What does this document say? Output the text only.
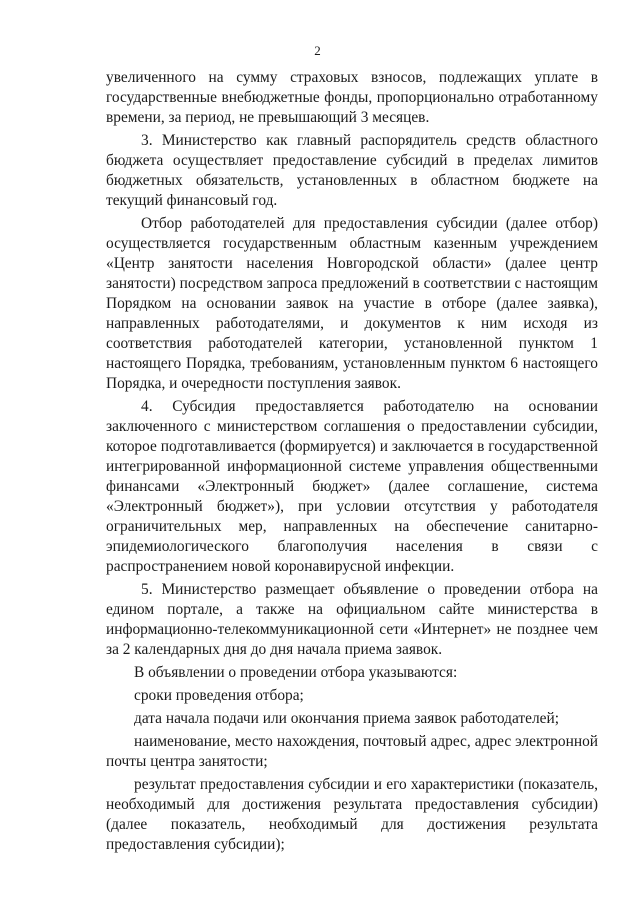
2

увеличенного на сумму страховых взносов, подлежащих уплате в государственные внебюджетные фонды, пропорционально отработанному времени, за период, не превышающий 3 месяцев.

3. Министерство как главный распорядитель средств областного бюджета осуществляет предоставление субсидий в пределах лимитов бюджетных обязательств, установленных в областном бюджете на текущий финансовый год.

Отбор работодателей для предоставления субсидии (далее отбор) осуществляется государственным областным казенным учреждением «Центр занятости населения Новгородской области» (далее центр занятости) посредством запроса предложений в соответствии с настоящим Порядком на основании заявок на участие в отборе (далее заявка), направленных работодателями, и документов к ним исходя из соответствия работодателей категории, установленной пунктом 1 настоящего Порядка, требованиям, установленным пунктом 6 настоящего Порядка, и очередности поступления заявок.

4. Субсидия предоставляется работодателю на основании заключенного с министерством соглашения о предоставлении субсидии, которое подготавливается (формируется) и заключается в государственной интегрированной информационной системе управления общественными финансами «Электронный бюджет» (далее соглашение, система «Электронный бюджет»), при условии отсутствия у работодателя ограничительных мер, направленных на обеспечение санитарно-эпидемиологического благополучия населения в связи с распространением новой коронавирусной инфекции.

5. Министерство размещает объявление о проведении отбора на едином портале, а также на официальном сайте министерства в информационно-телекоммуникационной сети «Интернет» не позднее чем за 2 календарных дня до дня начала приема заявок.

В объявлении о проведении отбора указываются:

сроки проведения отбора;

дата начала подачи или окончания приема заявок работодателей;

наименование, место нахождения, почтовый адрес, адрес электронной почты центра занятости;

результат предоставления субсидии и его характеристики (показатель, необходимый для достижения результата предоставления субсидии) (далее показатель, необходимый для достижения результата предоставления субсидии);
